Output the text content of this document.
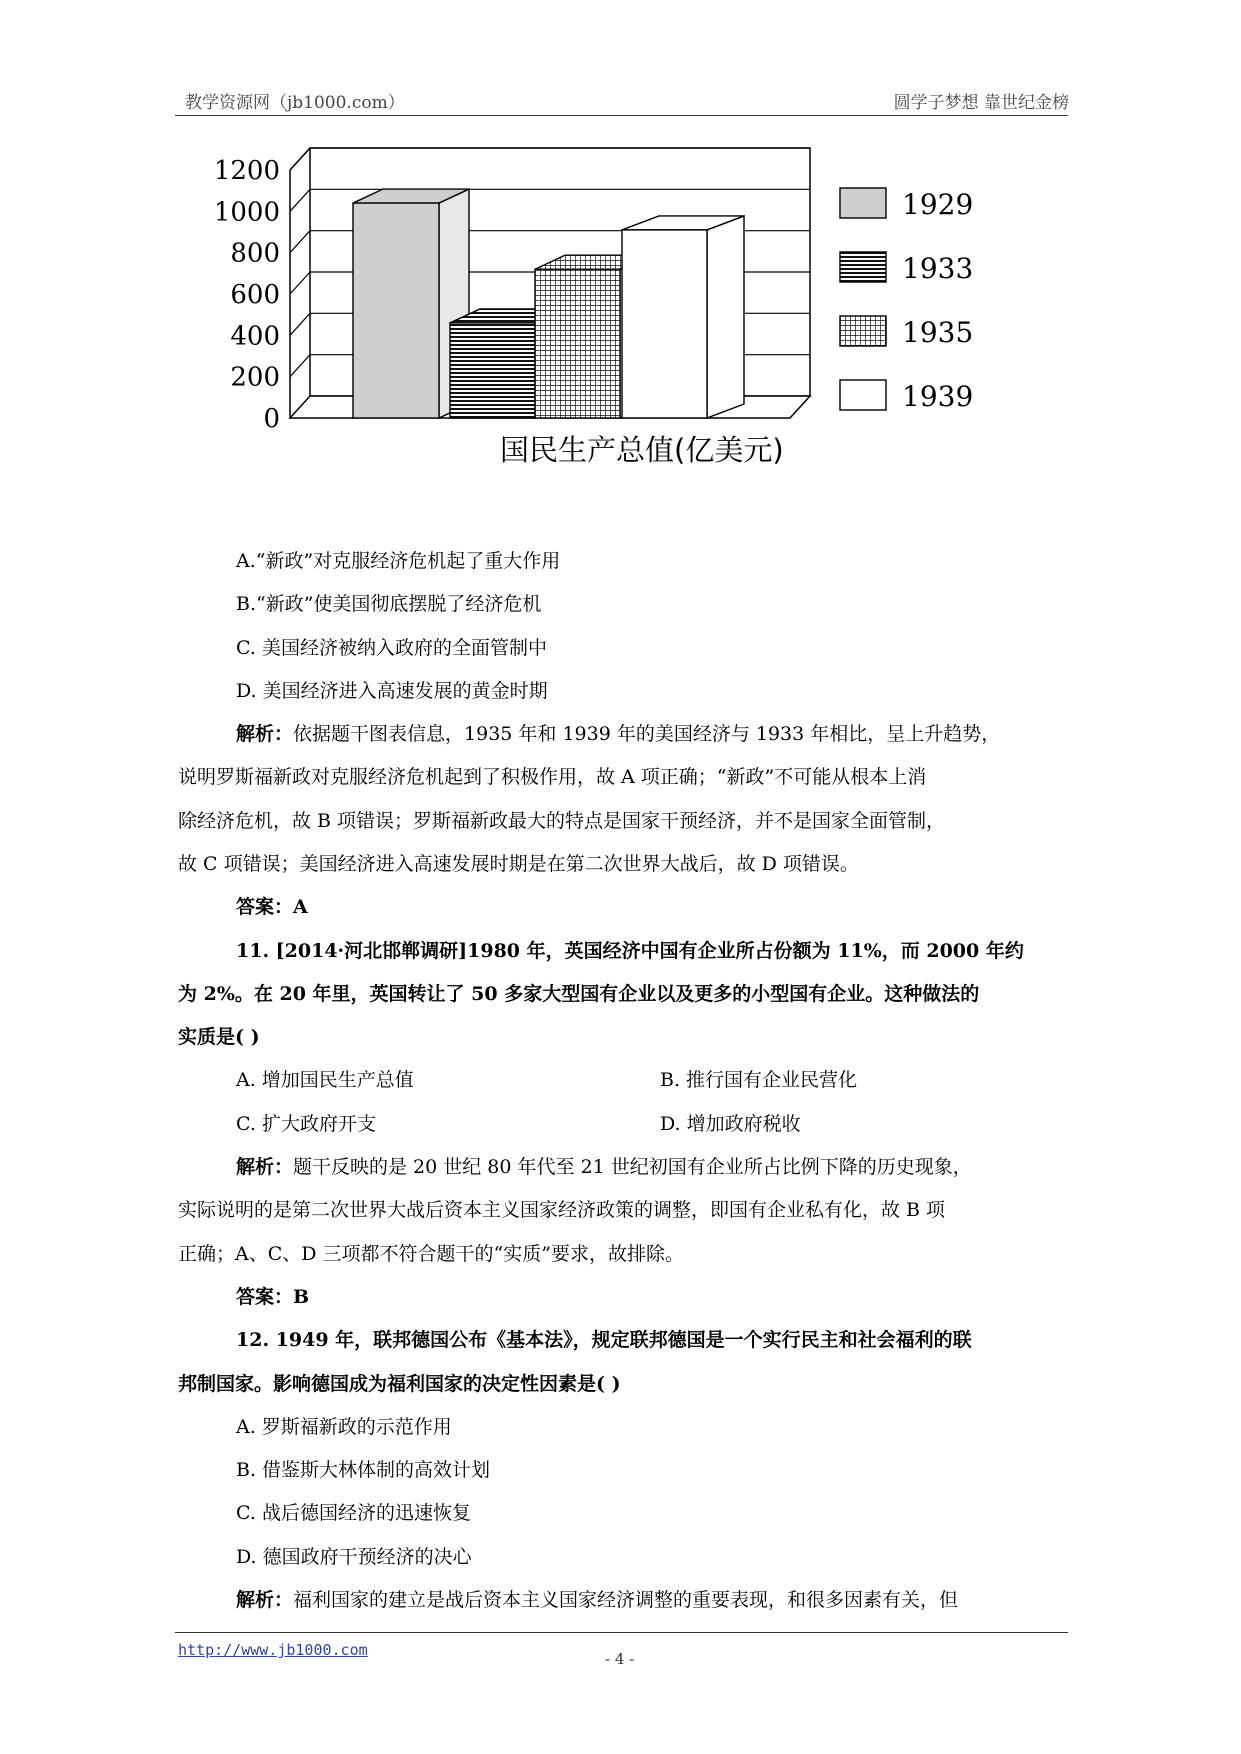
教学资源网（jb1000.com）	圆学子梦想 靠世纪金榜
0
200
400
600
800
1000
1200
1929
1933
1935
1939
国民生产总值(亿美元)
A.“新政”对克服经济危机起了重大作用
B.“新政”使美国彻底摆脱了经济危机
C. 美国经济被纳入政府的全面管制中
D. 美国经济进入高速发展的黄金时期
解析：依据题干图表信息，1935 年和 1939 年的美国经济与 1933 年相比，呈上升趋势，
说明罗斯福新政对克服经济危机起到了积极作用，故 A 项正确；“新政”不可能从根本上消
除经济危机，故 B 项错误；罗斯福新政最大的特点是国家干预经济，并不是国家全面管制，
故 C 项错误；美国经济进入高速发展时期是在第二次世界大战后，故 D 项错误。
答案：A
11. [2014·河北邯郸调研]1980 年，英国经济中国有企业所占份额为 11%，而 2000 年约
为 2%。在 20 年里，英国转让了 50 多家大型国有企业以及更多的小型国有企业。这种做法的
实质是( )
A. 增加国民生产总值	B. 推行国有企业民营化
C. 扩大政府开支	D. 增加政府税收
解析：题干反映的是 20 世纪 80 年代至 21 世纪初国有企业所占比例下降的历史现象，
实际说明的是第二次世界大战后资本主义国家经济政策的调整，即国有企业私有化，故 B 项
正确；A、C、D 三项都不符合题干的“实质”要求，故排除。
答案：B
12. 1949 年，联邦德国公布《基本法》，规定联邦德国是一个实行民主和社会福利的联
邦制国家。影响德国成为福利国家的决定性因素是( )
A. 罗斯福新政的示范作用
B. 借鉴斯大林体制的高效计划
C. 战后德国经济的迅速恢复
D. 德国政府干预经济的决心
解析：福利国家的建立是战后资本主义国家经济调整的重要表现，和很多因素有关，但
http://www.jb1000.com	- 4 -
